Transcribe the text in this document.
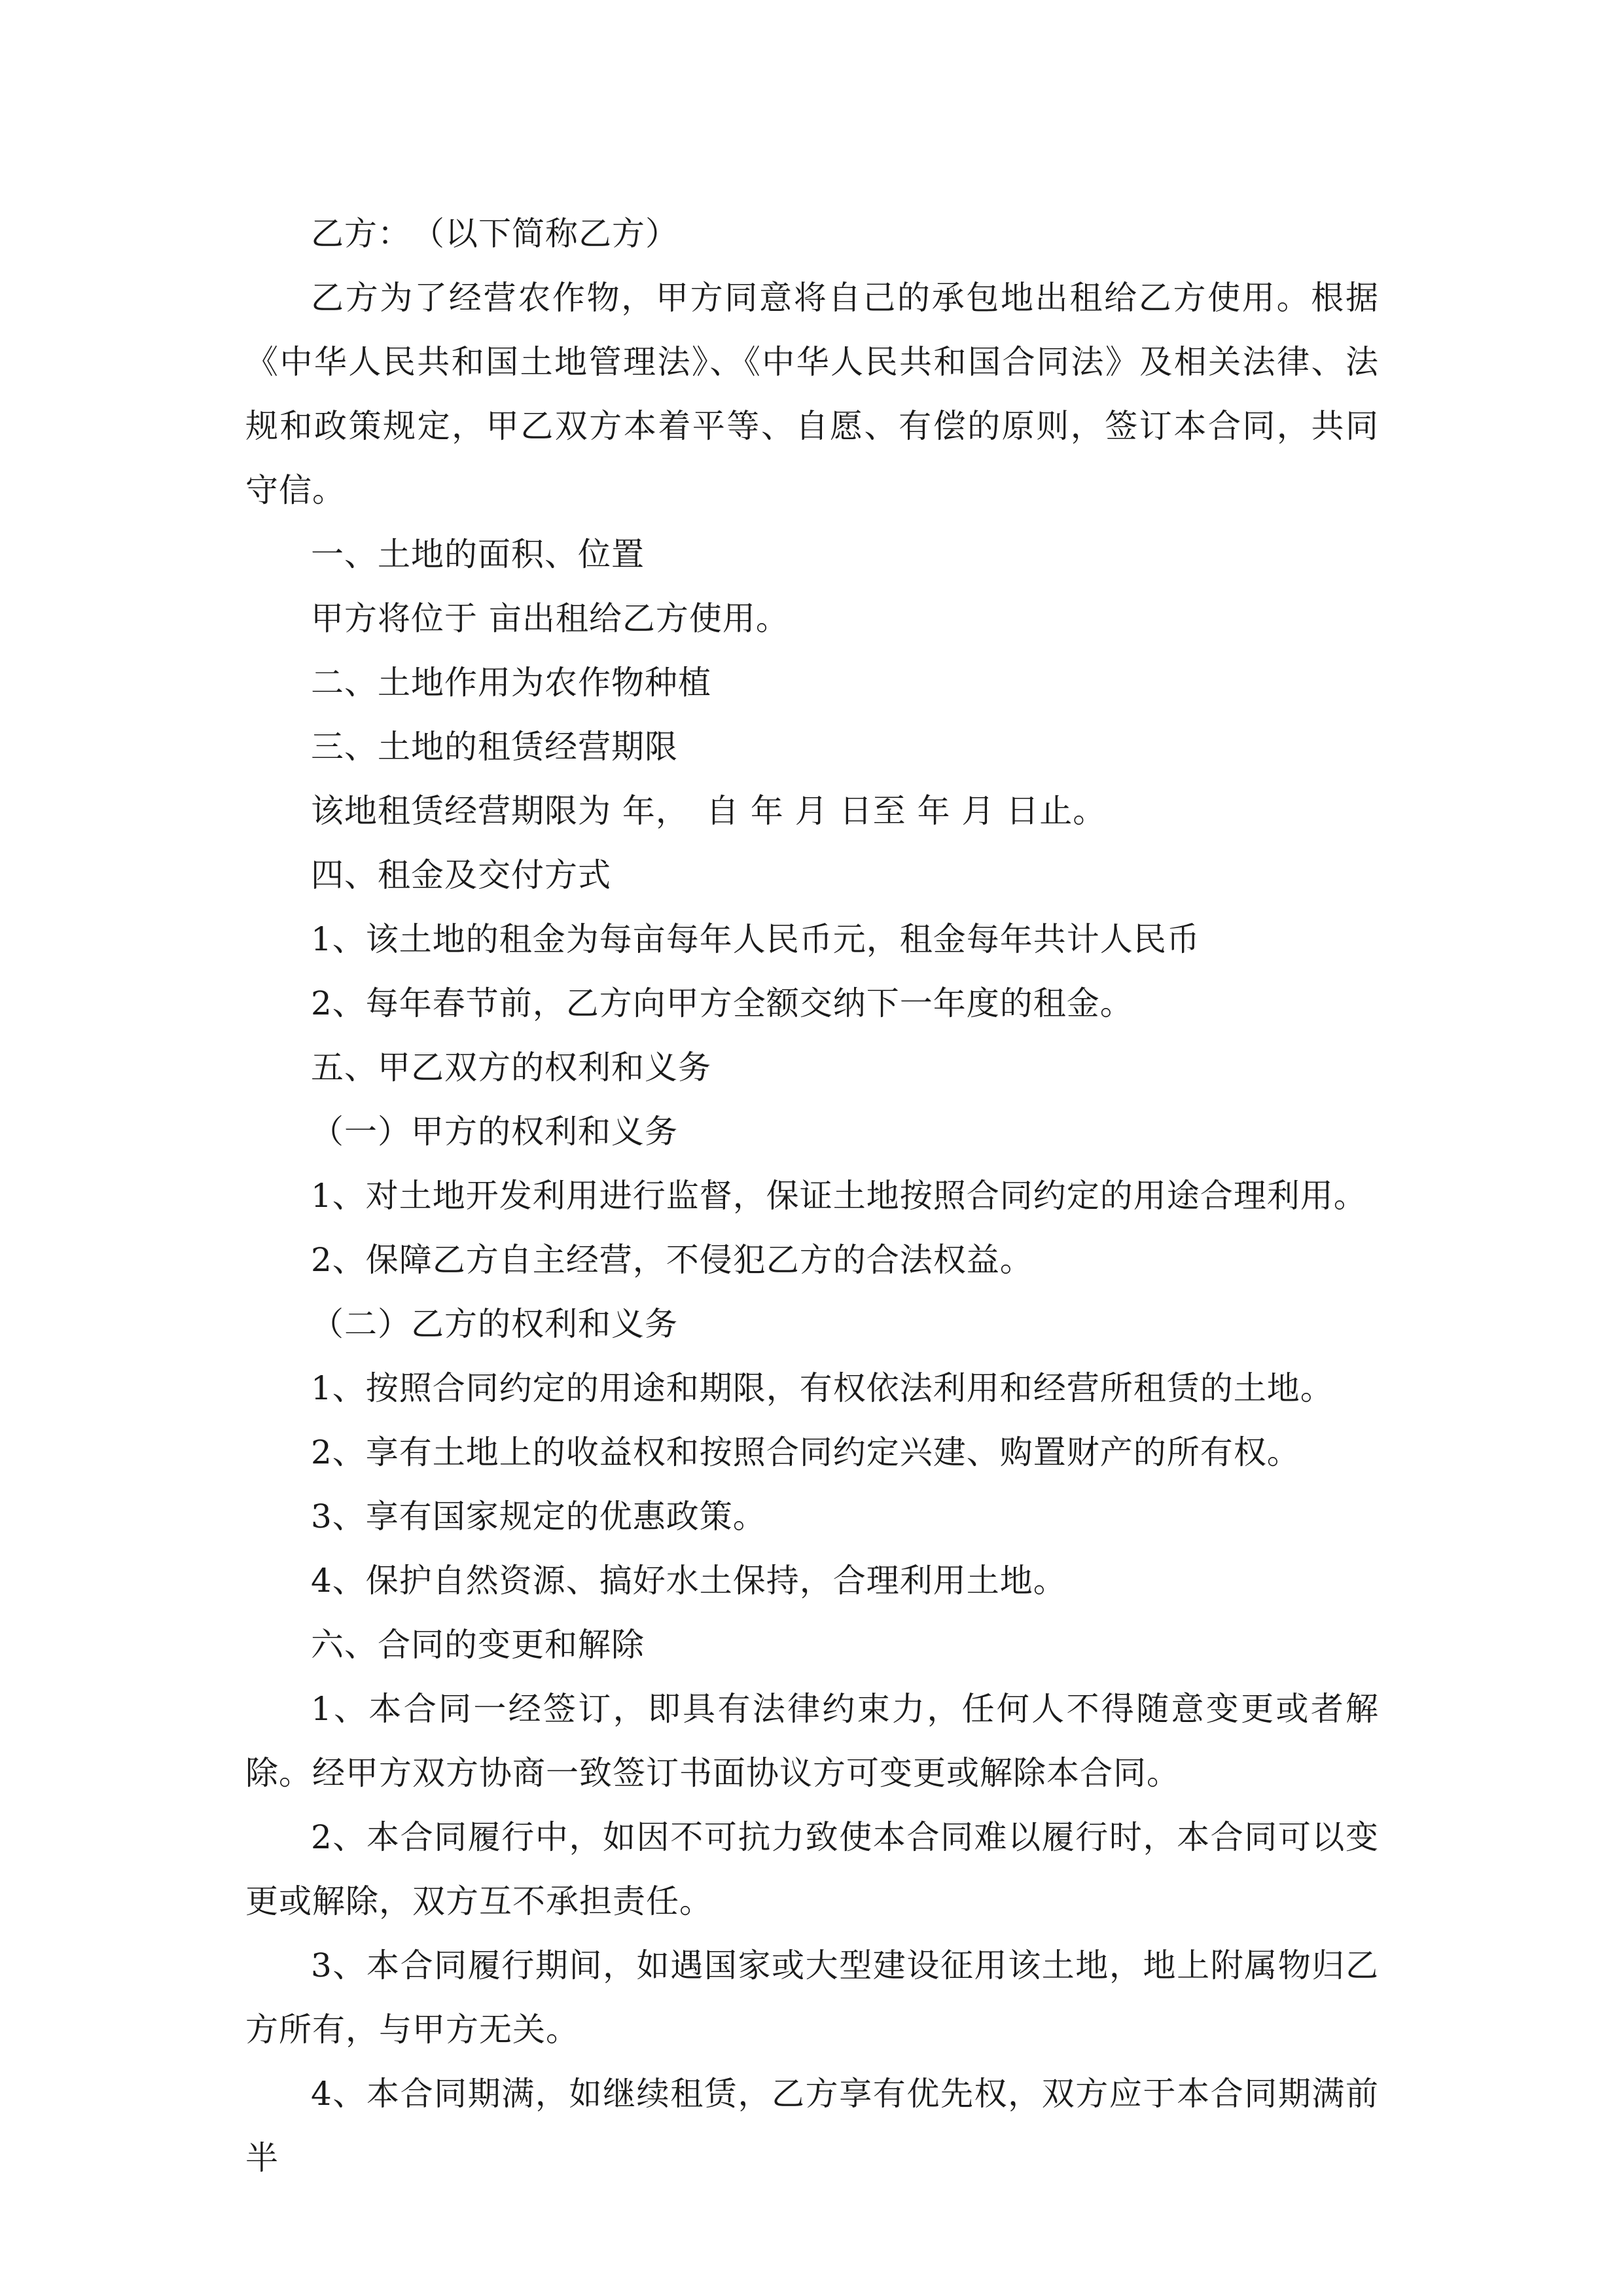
乙方：　（以下简称乙方）

乙方为了经营农作物，甲方同意将自己的承包地出租给乙方使用。根据《中华人民共和国土地管理法》、《中华人民共和国合同法》及相关法律、法规和政策规定，甲乙双方本着平等、自愿、有偿的原则，签订本合同，共同守信。

一、土地的面积、位置

甲方将位于 亩出租给乙方使用。

二、土地作用为农作物种植

三、土地的租赁经营期限

该地租赁经营期限为 年，　自 年 月 日至 年 月 日止。

四、租金及交付方式

1、该土地的租金为每亩每年人民币元，租金每年共计人民币

2、每年春节前，乙方向甲方全额交纳下一年度的租金。

五、甲乙双方的权利和义务

（一）甲方的权利和义务

1、对土地开发利用进行监督，保证土地按照合同约定的用途合理利用。

2、保障乙方自主经营，不侵犯乙方的合法权益。

（二）乙方的权利和义务

1、按照合同约定的用途和期限，有权依法利用和经营所租赁的土地。

2、享有土地上的收益权和按照合同约定兴建、购置财产的所有权。

3、享有国家规定的优惠政策。

4、保护自然资源、搞好水土保持，合理利用土地。

六、合同的变更和解除

1、本合同一经签订，即具有法律约束力，任何人不得随意变更或者解除。经甲方双方协商一致签订书面协议方可变更或解除本合同。

2、本合同履行中，如因不可抗力致使本合同难以履行时，本合同可以变更或解除，双方互不承担责任。

3、本合同履行期间，如遇国家或大型建设征用该土地，地上附属物归乙方所有，与甲方无关。

4、本合同期满，如继续租赁，乙方享有优先权，双方应于本合同期满前半
